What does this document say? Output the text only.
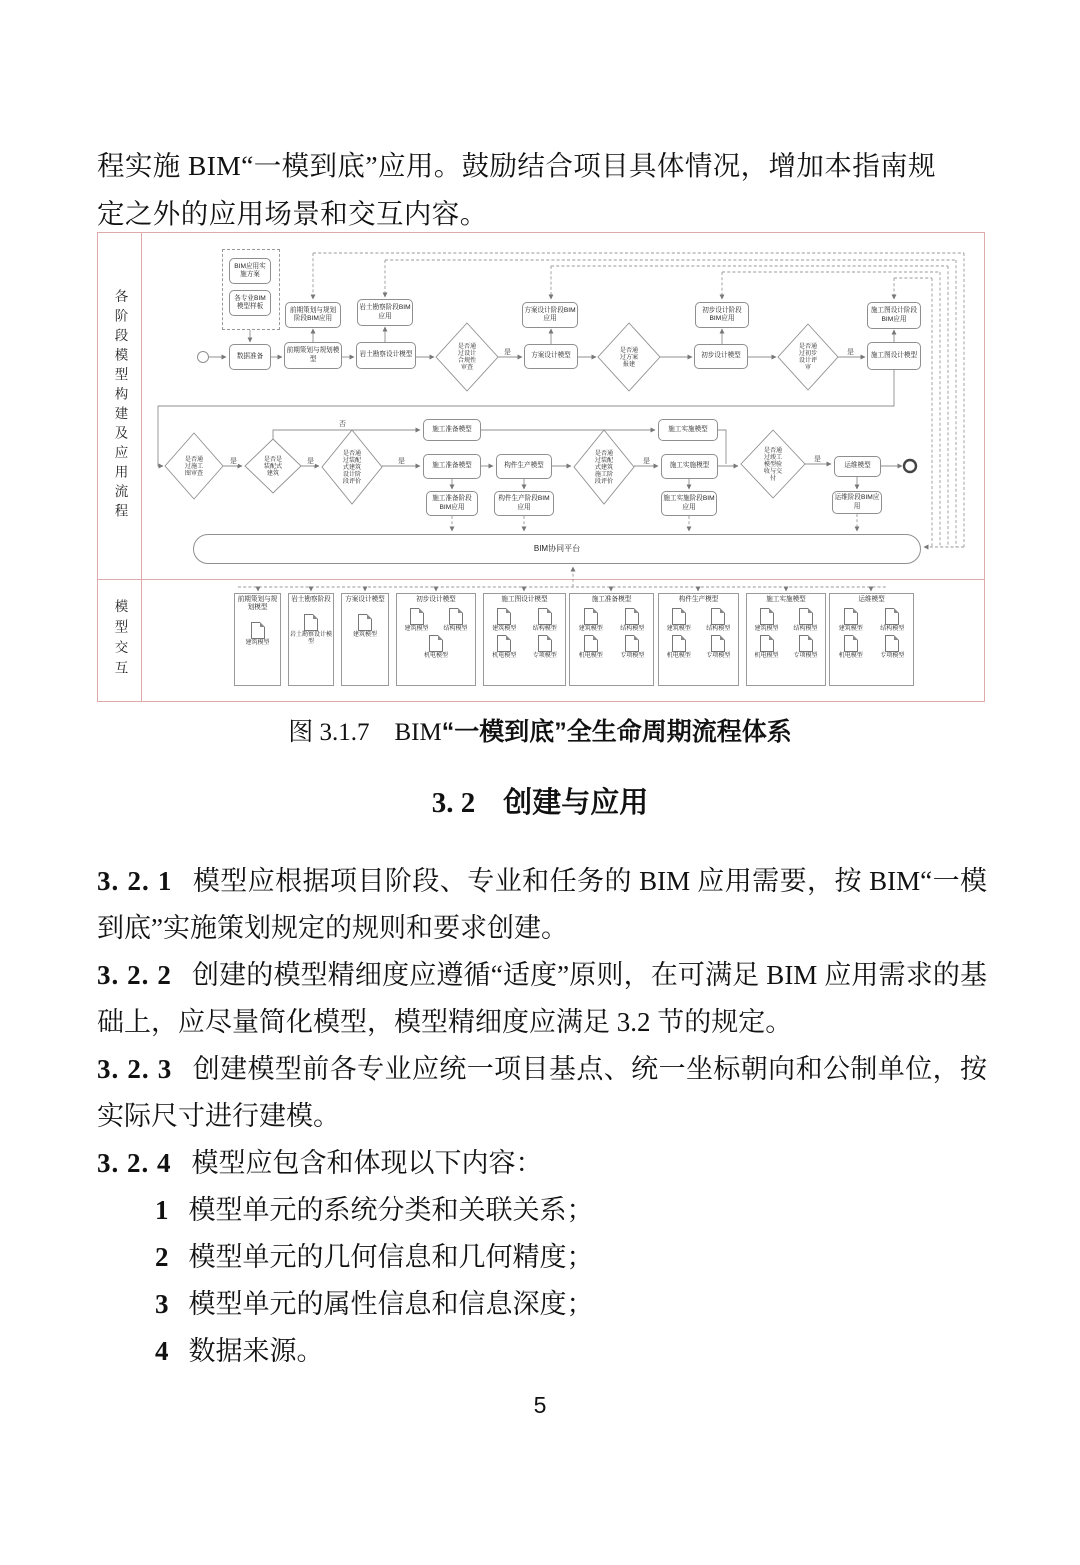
程实施 BIM“一模到底”应用。鼓励结合项目具体情况，增加本指南规
定之外的应用场景和交互内容。
各阶段模型构建及应用流程
模型交互
BIM应用实施方案
各专业BIM模型样板
数据准备
前期策划与规划模型
岩土勘察设计模型	方案设计模型	初步设计模型	施工图设计模型
前期策划与规划阶段BIM应用
岩土勘察阶段BIM应用
方案设计阶段BIM应用
初步设计阶段BIM应用
施工图设计阶段BIM应用
施工准备模型
施工准备模型	构件生产模型
施工实施模型
施工实施模型	运维模型
施工准备阶段BIM应用
构件生产阶段BIM应用
施工实施阶段BIM应用
运维阶段BIM应用
是否通过设计合规性审查
是否通过方案报建
是否通过初步设计评审
是否通过施工图审查
是否是装配式建筑
是否通过装配式建筑设计阶段评价
是否通过装配式建筑施工阶段评价
是否通过竣工模型验收与交付
是	是
是	是	是	是	是
否
BIM协同平台
前期策划与规划模型
建筑模型
岩土勘察阶段
岩土勘察设计模型
方案设计模型
建筑模型
初步设计模型
建筑模型	结构模型
机电模型
施工图设计模型
建筑模型	结构模型
机电模型	专项模型
施工准备模型
建筑模型	结构模型
机电模型	专项模型
构件生产模型
建筑模型	结构模型
机电模型	专项模型
施工实施模型
建筑模型	结构模型
机电模型	专项模型
运维模型
建筑模型	结构模型
机电模型	专项模型
图 3.1.7　BIM“一模到底”全生命周期流程体系
3. 2 创建与应用

3. 2. 1 模型应根据项目阶段、专业和任务的 BIM 应用需要，按 BIM“一模到底”实施策划规定的规则和要求创建。

3. 2. 2 创建的模型精细度应遵循“适度”原则，在可满足 BIM 应用需求的基础上，应尽量简化模型，模型精细度应满足 3.2 节的规定。

3. 2. 3 创建模型前各专业应统一项目基点、统一坐标朝向和公制单位，按实际尺寸进行建模。

3. 2. 4 模型应包含和体现以下内容：

1 模型单元的系统分类和关联关系；

2 模型单元的几何信息和几何精度；

3 模型单元的属性信息和信息深度；

4 数据来源。

5
